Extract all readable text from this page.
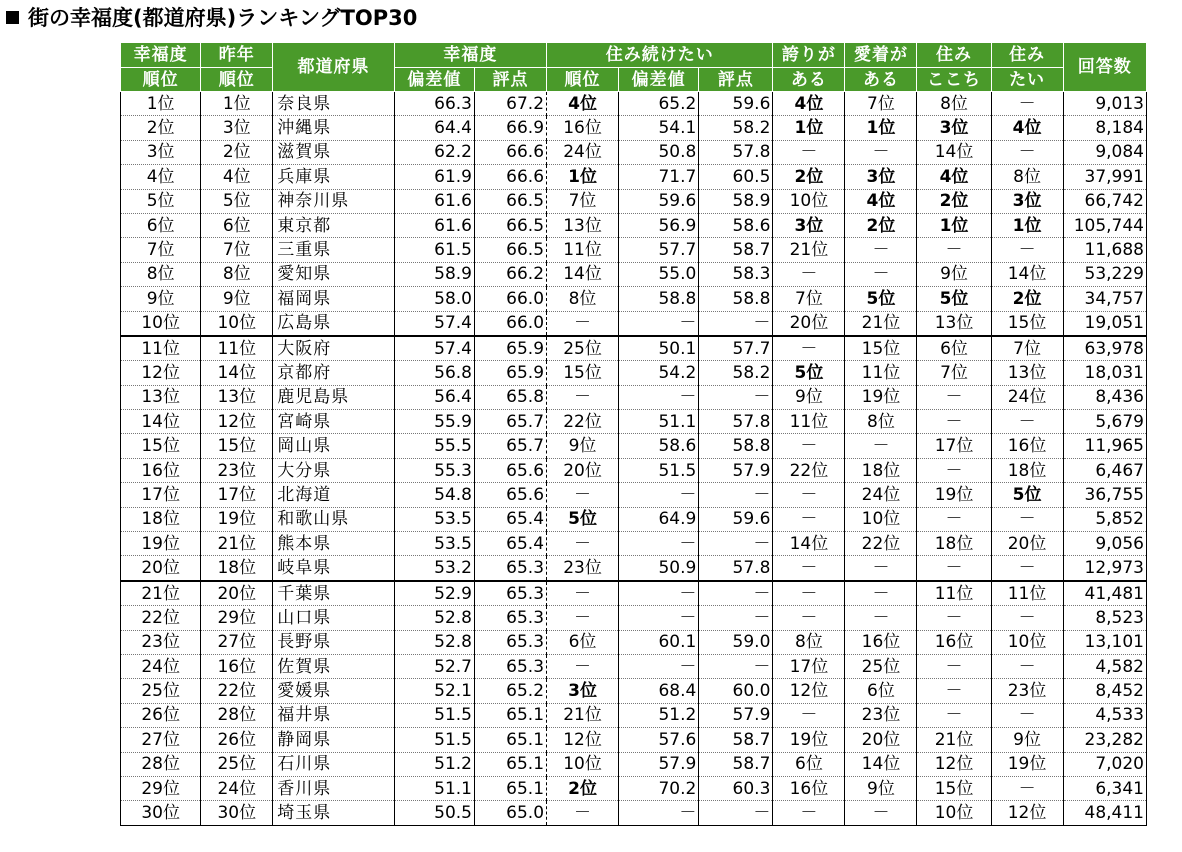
街の幸福度(都道府県)ランキングTOP30
幸福度	昨年	都道府県	幸福度		住み続けたい			誇りが	愛着が	住み	住み	回答数
順位	順位		偏差値	評点	順位	偏差値	評点	ある	ある	ここち	たい	
1位	1位	奈良県	66.3	67.2	4位	65.2	59.6	4位	7位	8位	－	9,013
2位	3位	沖縄県	64.4	66.9	16位	54.1	58.2	1位	1位	3位	4位	8,184
3位	2位	滋賀県	62.2	66.6	24位	50.8	57.8	－	－	14位	－	9,084
4位	4位	兵庫県	61.9	66.6	1位	71.7	60.5	2位	3位	4位	8位	37,991
5位	5位	神奈川県	61.6	66.5	7位	59.6	58.9	10位	4位	2位	3位	66,742
6位	6位	東京都	61.6	66.5	13位	56.9	58.6	3位	2位	1位	1位	105,744
7位	7位	三重県	61.5	66.5	11位	57.7	58.7	21位	－	－	－	11,688
8位	8位	愛知県	58.9	66.2	14位	55.0	58.3	－	－	9位	14位	53,229
9位	9位	福岡県	58.0	66.0	8位	58.8	58.8	7位	5位	5位	2位	34,757
10位	10位	広島県	57.4	66.0	－	－	－	20位	21位	13位	15位	19,051
11位	11位	大阪府	57.4	65.9	25位	50.1	57.7	－	15位	6位	7位	63,978
12位	14位	京都府	56.8	65.9	15位	54.2	58.2	5位	11位	7位	13位	18,031
13位	13位	鹿児島県	56.4	65.8	－	－	－	9位	19位	－	24位	8,436
14位	12位	宮崎県	55.9	65.7	22位	51.1	57.8	11位	8位	－	－	5,679
15位	15位	岡山県	55.5	65.7	9位	58.6	58.8	－	－	17位	16位	11,965
16位	23位	大分県	55.3	65.6	20位	51.5	57.9	22位	18位	－	18位	6,467
17位	17位	北海道	54.8	65.6	－	－	－	－	24位	19位	5位	36,755
18位	19位	和歌山県	53.5	65.4	5位	64.9	59.6	－	10位	－	－	5,852
19位	21位	熊本県	53.5	65.4	－	－	－	14位	22位	18位	20位	9,056
20位	18位	岐阜県	53.2	65.3	23位	50.9	57.8	－	－	－	－	12,973
21位	20位	千葉県	52.9	65.3	－	－	－	－	－	11位	11位	41,481
22位	29位	山口県	52.8	65.3	－	－	－	－	－	－	－	8,523
23位	27位	長野県	52.8	65.3	6位	60.1	59.0	8位	16位	16位	10位	13,101
24位	16位	佐賀県	52.7	65.3	－	－	－	17位	25位	－	－	4,582
25位	22位	愛媛県	52.1	65.2	3位	68.4	60.0	12位	6位	－	23位	8,452
26位	28位	福井県	51.5	65.1	21位	51.2	57.9	－	23位	－	－	4,533
27位	26位	静岡県	51.5	65.1	12位	57.6	58.7	19位	20位	21位	9位	23,282
28位	25位	石川県	51.2	65.1	10位	57.9	58.7	6位	14位	12位	19位	7,020
29位	24位	香川県	51.1	65.1	2位	70.2	60.3	16位	9位	15位	－	6,341
30位	30位	埼玉県	50.5	65.0	－	－	－	－	－	10位	12位	48,411
